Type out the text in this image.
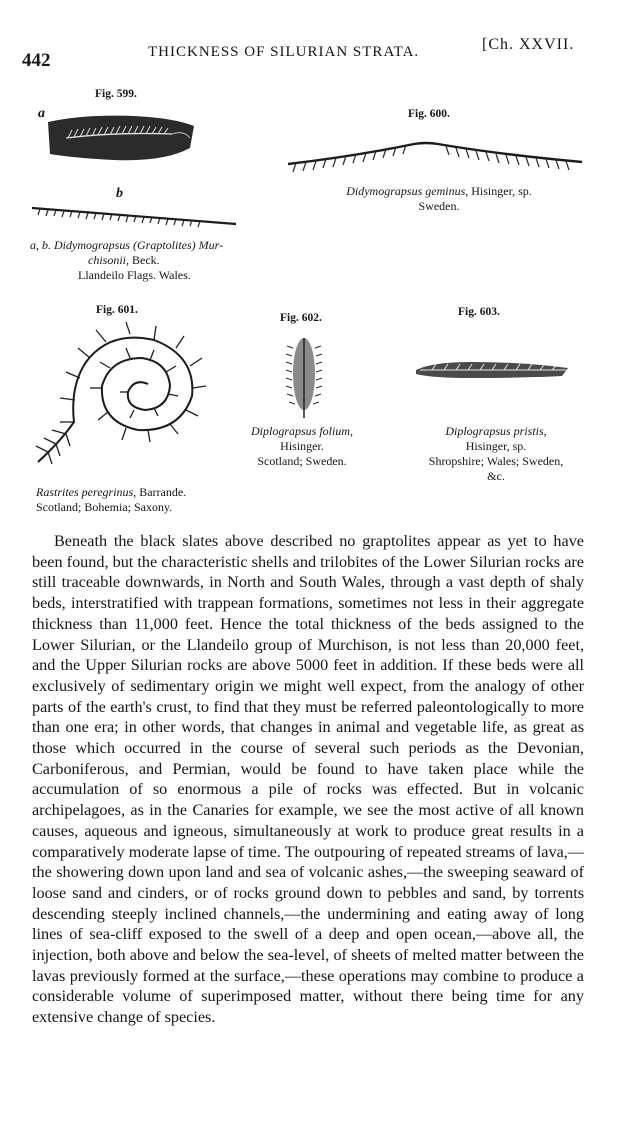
442	THICKNESS OF SILURIAN STRATA.	[Ch. XXVII.
Fig. 599.
a
b
a, b. Didymograpsus (Graptolites) Mur-
chisonii, Beck.
Llandeilo Flags. Wales.
Fig. 600.
Didymograpsus geminus, Hisinger, sp.
Sweden.
Fig. 601.
Rastrites peregrinus, Barrande.
Scotland; Bohemia; Saxony.
Fig. 602.
Diplograpsus folium,
Hisinger.
Scotland; Sweden.
Fig. 603.
Diplograpsus pristis,
Hisinger, sp.
Shropshire; Wales; Sweden,
&c.

Beneath the black slates above described no graptolites appear as yet to have been found, but the characteristic shells and trilobites of the Lower Silurian rocks are still traceable downwards, in North and South Wales, through a vast depth of shaly beds, interstratified with trappean formations, sometimes not less in their aggregate thickness than 11,000 feet. Hence the total thickness of the beds assigned to the Lower Silurian, or the Llandeilo group of Murchison, is not less than 20,000 feet, and the Upper Silurian rocks are above 5000 feet in addition. If these beds were all exclusively of sedimentary origin we might well expect, from the analogy of other parts of the earth's crust, to find that they must be referred paleontologically to more than one era; in other words, that changes in animal and vegetable life, as great as those which occurred in the course of several such periods as the Devonian, Carboniferous, and Permian, would be found to have taken place while the accumulation of so enormous a pile of rocks was effected. But in volcanic archipelagoes, as in the Canaries for example, we see the most active of all known causes, aqueous and igneous, simultaneously at work to produce great results in a comparatively moderate lapse of time. The outpouring of repeated streams of lava,—the showering down upon land and sea of volcanic ashes,—the sweeping seaward of loose sand and cinders, or of rocks ground down to pebbles and sand, by torrents descending steeply inclined channels,—the undermining and eating away of long lines of sea-cliff exposed to the swell of a deep and open ocean,—above all, the injection, both above and below the sea-level, of sheets of melted matter between the lavas previously formed at the surface,—these operations may combine to produce a considerable volume of superimposed matter, without there being time for any extensive change of species.
